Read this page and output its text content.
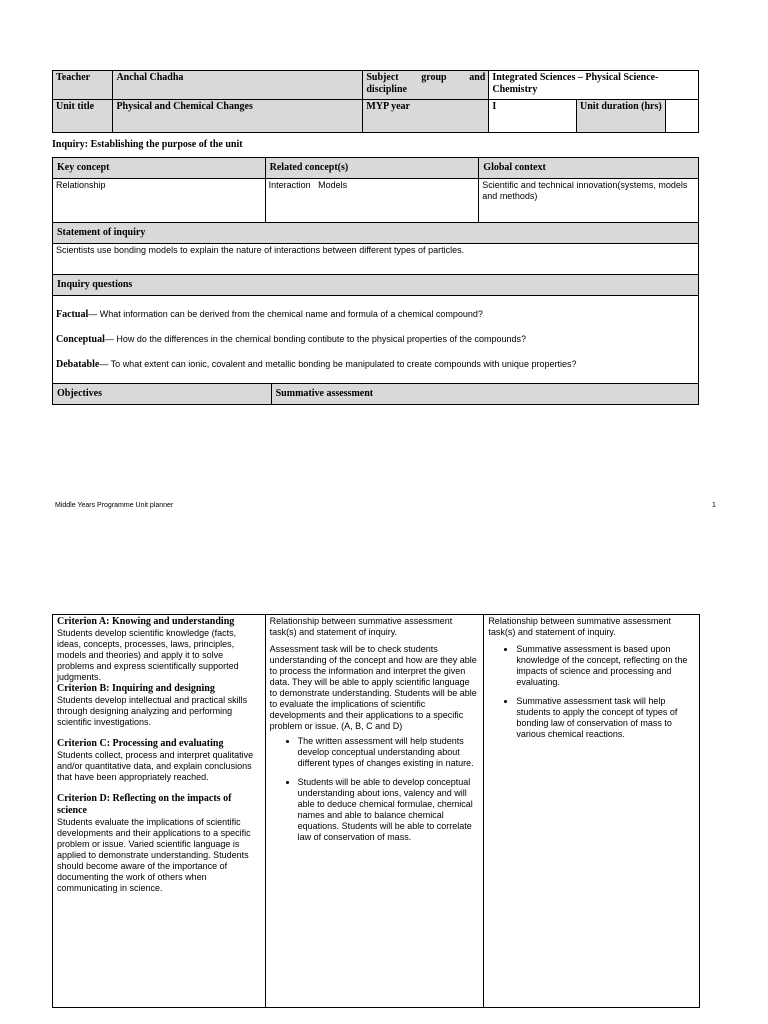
Teacher	Anchal Chadha	Subject group and discipline	Integrated Sciences – Physical Science-Chemistry		
Unit title	Physical and Chemical Changes	MYP year	I	Unit duration (hrs)	
Inquiry: Establishing the purpose of the unit
Key concept	Related concept(s)		Global context
Relationship	Interaction   Models		Scientific and technical innovation(systems, models and methods)
Statement of inquiry			
Scientists use bonding models to explain the nature of interactions between different types of particles.			
Inquiry questions			

Factual— What information can be derived from the chemical name and formula of a chemical compound?

Conceptual— How do the differences in the chemical bonding contibute to the physical properties of the compounds?

Debatable— To what extent can ionic, covalent and metallic bonding be manipulated to create compounds with unique properties?			

Objectives		Summative assessment	
Middle Years Programme Unit planner	1
Criterion A: Knowing and understanding
Students develop scientific knowledge (facts, ideas, concepts, processes, laws, principles, models and theories) and apply it to solve problems and express scientifically supported judgments.
Criterion B: Inquiring and designing
Students develop intellectual and practical skills through designing analyzing and performing scientific investigations.
Criterion C: Processing and evaluating
Students collect, process and interpret qualitative and/or quantitative data, and explain conclusions that have been appropriately reached.
Criterion D: Reflecting on the impacts of science
Students evaluate the implications of scientific developments and their applications to a specific problem or issue. Varied scientific language is applied to demonstrate understanding. Students should become aware of the importance of documenting the work of others when communicating in science.

Relationship between summative assessment task(s) and statement of inquiry.
Assessment task will be to check students understanding of the concept and how are they able to process the information and interpret the given data. They will be able to apply scientific language to demonstrate understanding. Students will be able to evaluate the implications of scientific developments and their applications to a specific problem or issue. (A, B, C and D)
• The written assessment will help students develop conceptual understanding about different types of changes existing in nature.
• Students will be able to develop conceptual understanding about ions, valency and will able to deduce chemical formulae, chemical names and able to balance chemical equations. Students will be able to correlate law of conservation of mass.

Relationship between summative assessment task(s) and statement of inquiry.
• Summative assessment is based upon knowledge of the concept, reflecting on the impacts of science and processing and evaluating.
• Summative assessment task will help students to apply the concept of types of bonding law of conservation of mass to various chemical reactions.
